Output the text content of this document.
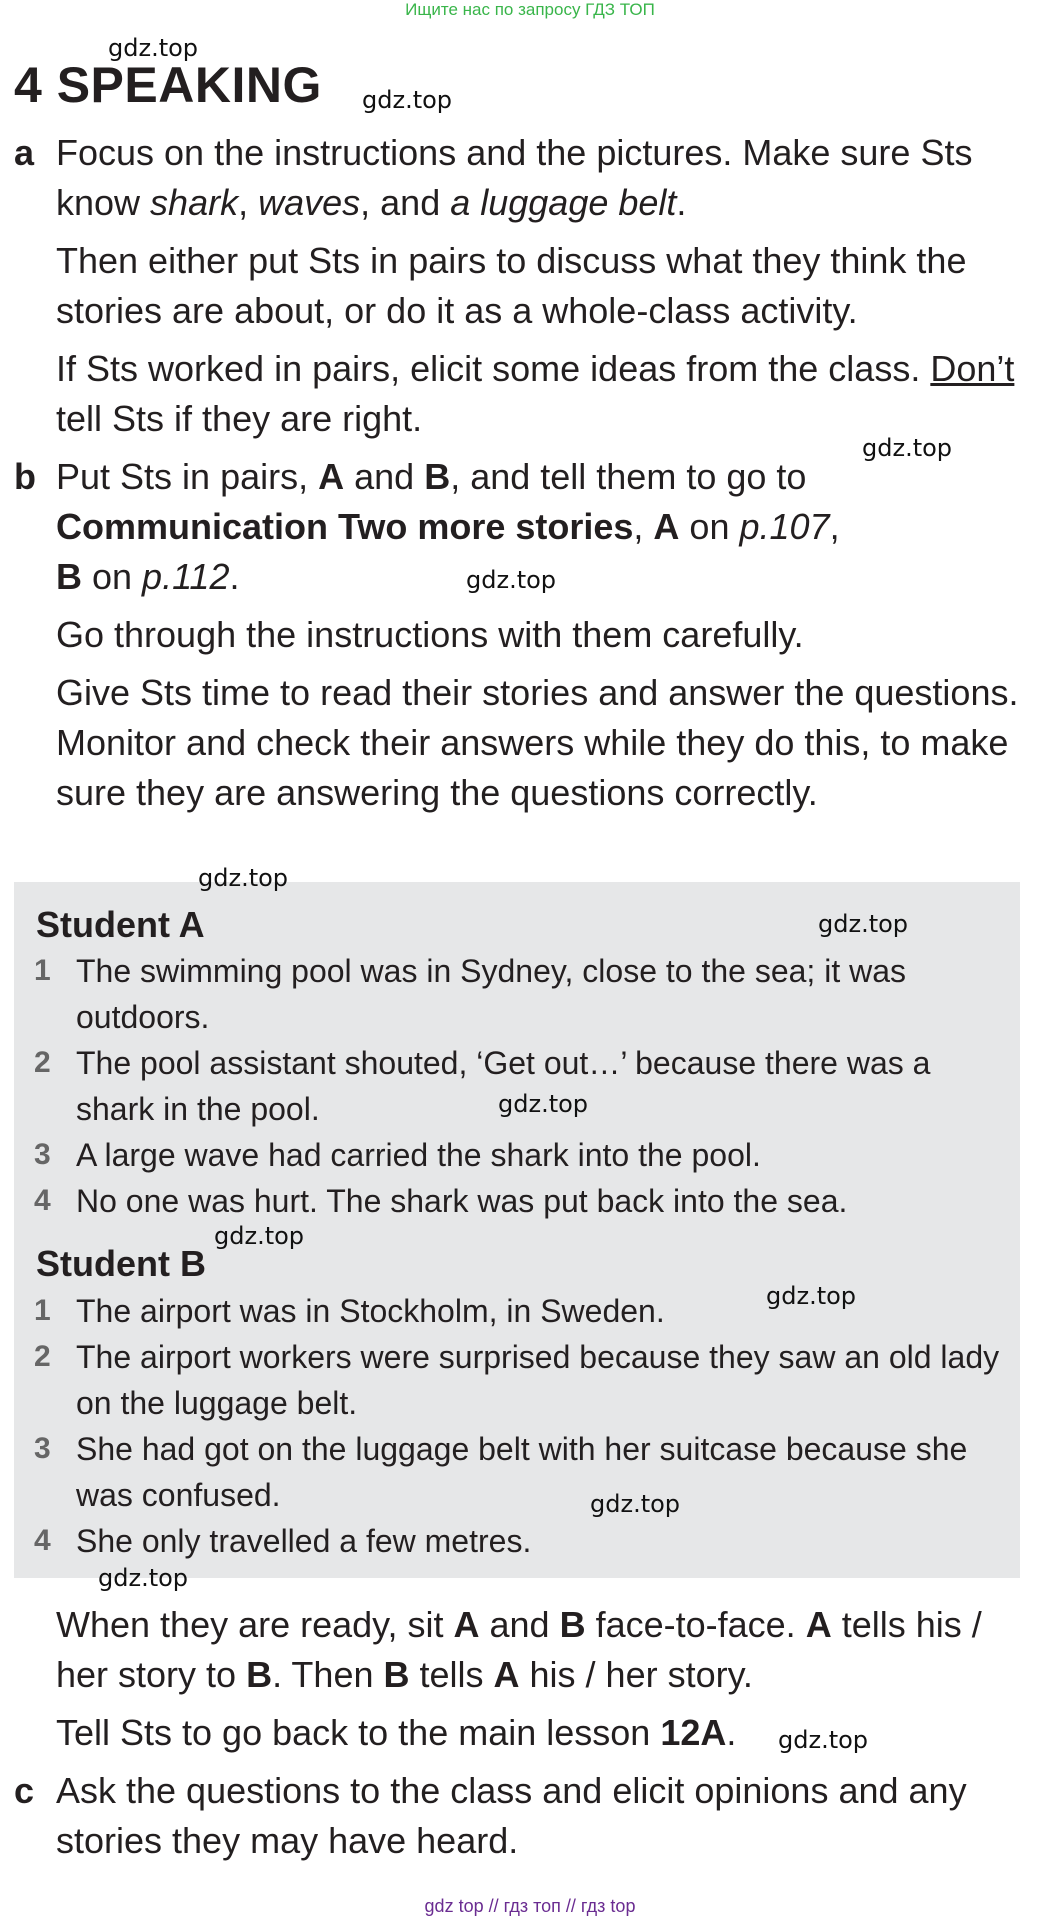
Ищите нас по запросу ГДЗ ТОП
4 SPEAKING
a Focus on the instructions and the pictures. Make sure Sts know shark, waves, and a luggage belt.
Then either put Sts in pairs to discuss what they think the stories are about, or do it as a whole-class activity.
If Sts worked in pairs, elicit some ideas from the class. Don’t tell Sts if they are right.
b Put Sts in pairs, A and B, and tell them to go to Communication Two more stories, A on p.107, B on p.112.
Go through the instructions with them carefully.
Give Sts time to read their stories and answer the questions. Monitor and check their answers while they do this, to make sure they are answering the questions correctly.
Student A
1 The swimming pool was in Sydney, close to the sea; it was outdoors.
2 The pool assistant shouted, ‘Get out…’ because there was a shark in the pool.
3 A large wave had carried the shark into the pool.
4 No one was hurt. The shark was put back into the sea.
Student B
1 The airport was in Stockholm, in Sweden.
2 The airport workers were surprised because they saw an old lady on the luggage belt.
3 She had got on the luggage belt with her suitcase because she was confused.
4 She only travelled a few metres.
When they are ready, sit A and B face-to-face. A tells his / her story to B. Then B tells A his / her story.
Tell Sts to go back to the main lesson 12A.
c Ask the questions to the class and elicit opinions and any stories they may have heard.
gdz.top
gdz.top
gdz.top
gdz.top
gdz.top
gdz.top
gdz.top
gdz.top
gdz.top
gdz.top
gdz.top
gdz.top
gdz top // гдз топ // гдз top
